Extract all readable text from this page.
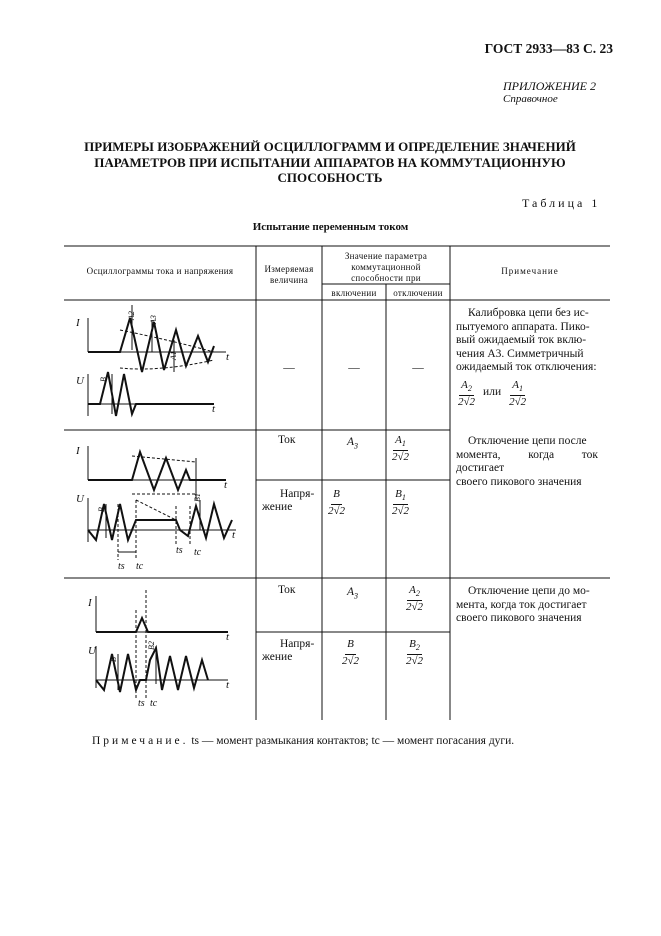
ГОСТ 2933—83 С. 23
ПРИЛОЖЕНИЕ 2
Справочное
ПРИМЕРЫ ИЗОБРАЖЕНИЙ ОСЦИЛЛОГРАММ И ОПРЕДЕЛЕНИЕ ЗНАЧЕНИЙ
ПАРАМЕТРОВ ПРИ ИСПЫТАНИИ АППАРАТОВ НА КОММУТАЦИОННУЮ
СПОСОБНОСТЬ
Таблица 1
Испытание переменным током
Осциллограммы тока и напряжения	Измеряемая
величина
Значение параметра
коммутационной
способности при
включении	отключении
Примечание
—	—	—
Калибровка цепи без ис-
пытуемого аппарата. Пико-
вый ожидаемый ток вклю-
чения A3. Симметричный
ожидаемый ток отключения:
$\frac{A_2}{2√2}$ или $\frac{A_1}{2√2}$
Ток	$A_3$	$\frac{A_1}{2√2}$	Отключение цепи после
момента, когда ток достигает
своего пикового значения
Напря-
жение	$\frac{B}{2√2}$	$\frac{B_1}{2√2}$
Ток	$A_3$	$\frac{A_2}{2√2}$	Отключение цепи до мо-
мента, когда ток достигает
своего пикового значения
Напря-
жение	$\frac{B}{2√2}$	$\frac{B_2}{2√2}$
I
t
A2 A3
A1
U
t
B
I
t
U
t
B
B1
ts tc
ts tc
I
t
U
t
B
B2
ts tc
Примечание. ts — момент размыкания контактов; tc — момент погасания дуги.
